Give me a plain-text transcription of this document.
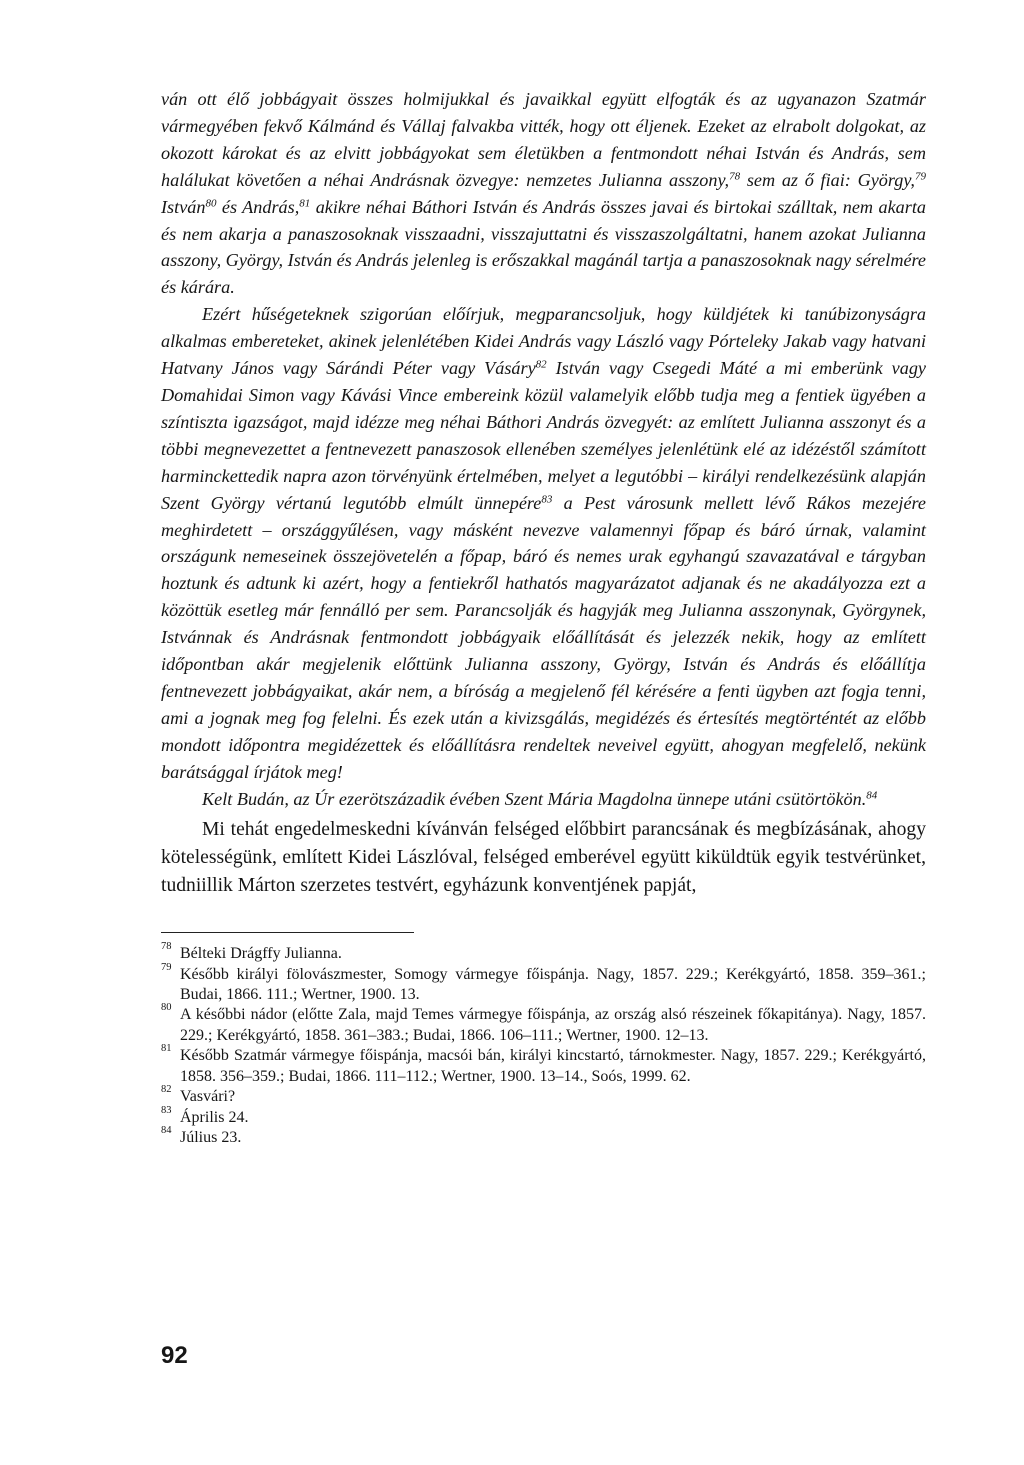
ván ott élő jobbágyait összes holmijukkal és javaikkal együtt elfogták és az ugyanazon Szatmár vármegyében fekvő Kálmánd és Vállaj falvakba vitték, hogy ott éljenek. Ezeket az elrabolt dolgokat, az okozott károkat és az elvitt jobbágyokat sem életükben a fentmondott néhai István és András, sem halálukat követően a néhai Andrásnak özvegye: nemzetes Julianna asszony,$^{78}$ sem az ő fiai: György,$^{79}$ István$^{80}$ és András,$^{81}$ akikre néhai Báthori István és András összes javai és birtokai szálltak, nem akarta és nem akarja a panaszosoknak visszaadni, visszajuttatni és visszaszolgáltatni, hanem azokat Julianna asszony, György, István és András jelenleg is erőszakkal magánál tartja a panaszosoknak nagy sérelmére és kárára.

Ezért hűségeteknek szigorúan előírjuk, megparancsoljuk, hogy küldjétek ki tanúbizonyságra alkalmas embereteket, akinek jelenlétében Kidei András vagy László vagy Pórteleky Jakab vagy hatvani Hatvany János vagy Sárándi Péter vagy Vásáry$^{82}$ István vagy Csegedi Máté a mi emberünk vagy Domahidai Simon vagy Kávási Vince embereink közül valamelyik előbb tudja meg a fentiek ügyében a színtiszta igazságot, majd idézze meg néhai Báthori András özvegyét: az említett Julianna asszonyt és a többi megnevezettet a fentnevezett panaszosok ellenében személyes jelenlétünk elé az idézéstől számított harminckettedik napra azon törvényünk értelmében, melyet a legutóbbi – királyi rendelkezésünk alapján Szent György vértanú legutóbb elmúlt ünnepére$^{83}$ a Pest városunk mellett lévő Rákos mezejére meghirdetett – országgyűlésen, vagy másként nevezve valamennyi főpap és báró úrnak, valamint országunk nemeseinek összejövetelén a főpap, báró és nemes urak egyhangú szavazatával e tárgyban hoztunk és adtunk ki azért, hogy a fentiekről hathatós magyarázatot adjanak és ne akadályozza ezt a közöttük esetleg már fennálló per sem. Parancsolják és hagyják meg Julianna asszonynak, Györgynek, Istvánnak és Andrásnak fentmondott jobbágyaik előállítását és jelezzék nekik, hogy az említett időpontban akár megjelenik előttünk Julianna asszony, György, István és András és előállítja fentnevezett jobbágyaikat, akár nem, a bíróság a megjelenő fél kérésére a fenti ügyben azt fogja tenni, ami a jognak meg fog felelni. És ezek után a kivizsgálás, megidézés és értesítés megtörténtét az előbb mondott időpontra megidézettek és előállításra rendeltek neveivel együtt, ahogyan megfelelő, nekünk barátsággal írjátok meg!

Kelt Budán, az Úr ezerötszázadik évében Szent Mária Magdolna ünnepe utáni csütörtökön.$^{84}$

Mi tehát engedelmeskedni kívánván felséged előbbirt parancsának és megbízásának, ahogy kötelességünk, említett Kidei Lászlóval, felséged emberével együtt kiküldtük egyik testvérünket, tudniillik Márton szerzetes testvért, egyházunk konventjének papját,

78 Bélteki Drágffy Julianna.
79 Később királyi fölovászmester, Somogy vármegye főispánja. Nagy, 1857. 229.; Kerékgyártó, 1858. 359–361.; Budai, 1866. 111.; Wertner, 1900. 13.
80 A későbbi nádor (előtte Zala, majd Temes vármegye főispánja, az ország alsó részeinek főkapitánya). Nagy, 1857. 229.; Kerékgyártó, 1858. 361–383.; Budai, 1866. 106–111.; Wertner, 1900. 12–13.
81 Később Szatmár vármegye főispánja, macsói bán, királyi kincstartó, tárnokmester. Nagy, 1857. 229.; Kerékgyártó, 1858. 356–359.; Budai, 1866. 111–112.; Wertner, 1900. 13–14., Soós, 1999. 62.
82 Vasvári?
83 Április 24.
84 Július 23.
92
